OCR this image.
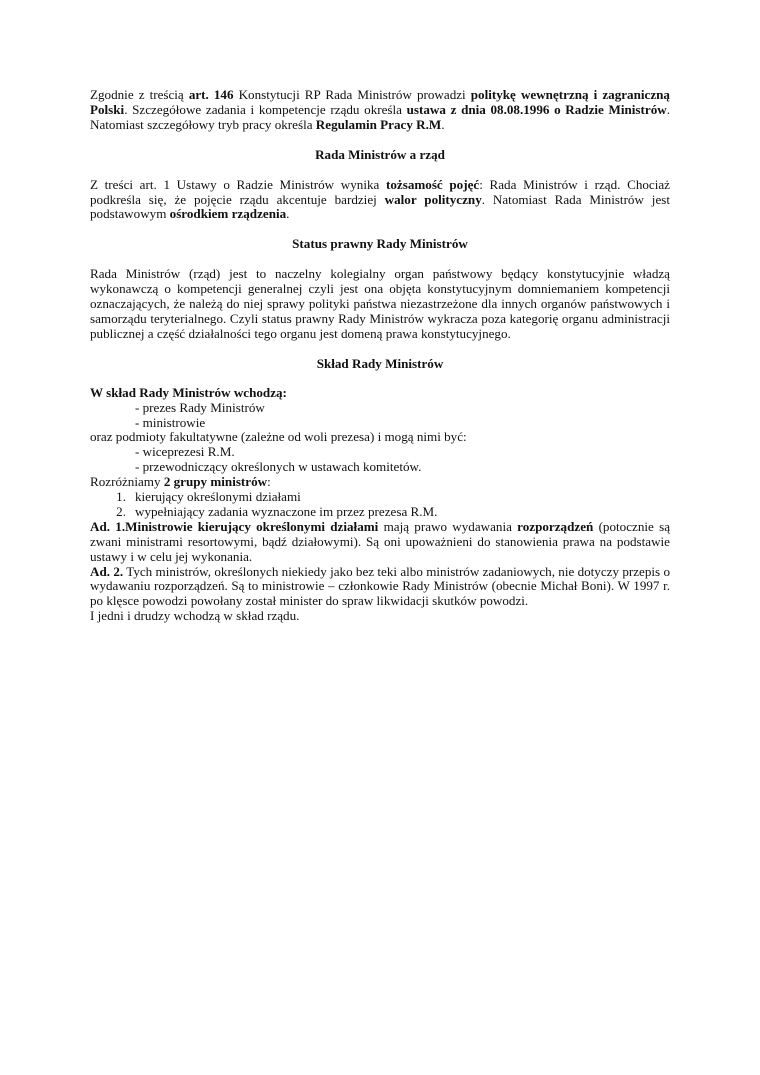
Zgodnie z treścią art. 146 Konstytucji RP Rada Ministrów prowadzi politykę wewnętrzną i zagraniczną Polski. Szczegółowe zadania i kompetencje rządu określa ustawa z dnia 08.08.1996 o Radzie Ministrów. Natomiast szczegółowy tryb pracy określa Regulamin Pracy R.M.

Rada Ministrów a rząd

Z treści art. 1 Ustawy o Radzie Ministrów wynika tożsamość pojęć: Rada Ministrów i rząd. Chociaż podkreśla się, że pojęcie rządu akcentuje bardziej walor polityczny. Natomiast Rada Ministrów jest podstawowym ośrodkiem rządzenia.

Status prawny Rady Ministrów

Rada Ministrów (rząd) jest to naczelny kolegialny organ państwowy będący konstytucyjnie władzą wykonawczą o kompetencji generalnej czyli jest ona objęta konstytucyjnym domniemaniem kompetencji oznaczających, że należą do niej sprawy polityki państwa niezastrzeżone dla innych organów państwowych i samorządu teryterialnego. Czyli status prawny Rady Ministrów wykracza poza kategorię organu administracji publicznej a część działalności tego organu jest domeną prawa konstytucyjnego.

Skład Rady Ministrów

W skład Rady Ministrów wchodzą:

- prezes Rady Ministrów

- ministrowie

oraz podmioty fakultatywne (zależne od woli prezesa) i mogą nimi być:

- wiceprezesi R.M.

- przewodniczący określonych w ustawach komitetów.

Rozróżniamy 2 grupy ministrów:

1. kierujący określonymi działami
2. wypełniający zadania wyznaczone im przez prezesa R.M.

Ad. 1.Ministrowie kierujący określonymi działami mają prawo wydawania rozporządzeń (potocznie są zwani ministrami resortowymi, bądź działowymi). Są oni upoważnieni do stanowienia prawa na podstawie ustawy i w celu jej wykonania.

Ad. 2. Tych ministrów, określonych niekiedy jako bez teki albo ministrów zadaniowych, nie dotyczy przepis o wydawaniu rozporządzeń. Są to ministrowie – członkowie Rady Ministrów (obecnie Michał Boni). W 1997 r. po klęsce powodzi powołany został minister do spraw likwidacji skutków powodzi.

I jedni i drudzy wchodzą w skład rządu.
